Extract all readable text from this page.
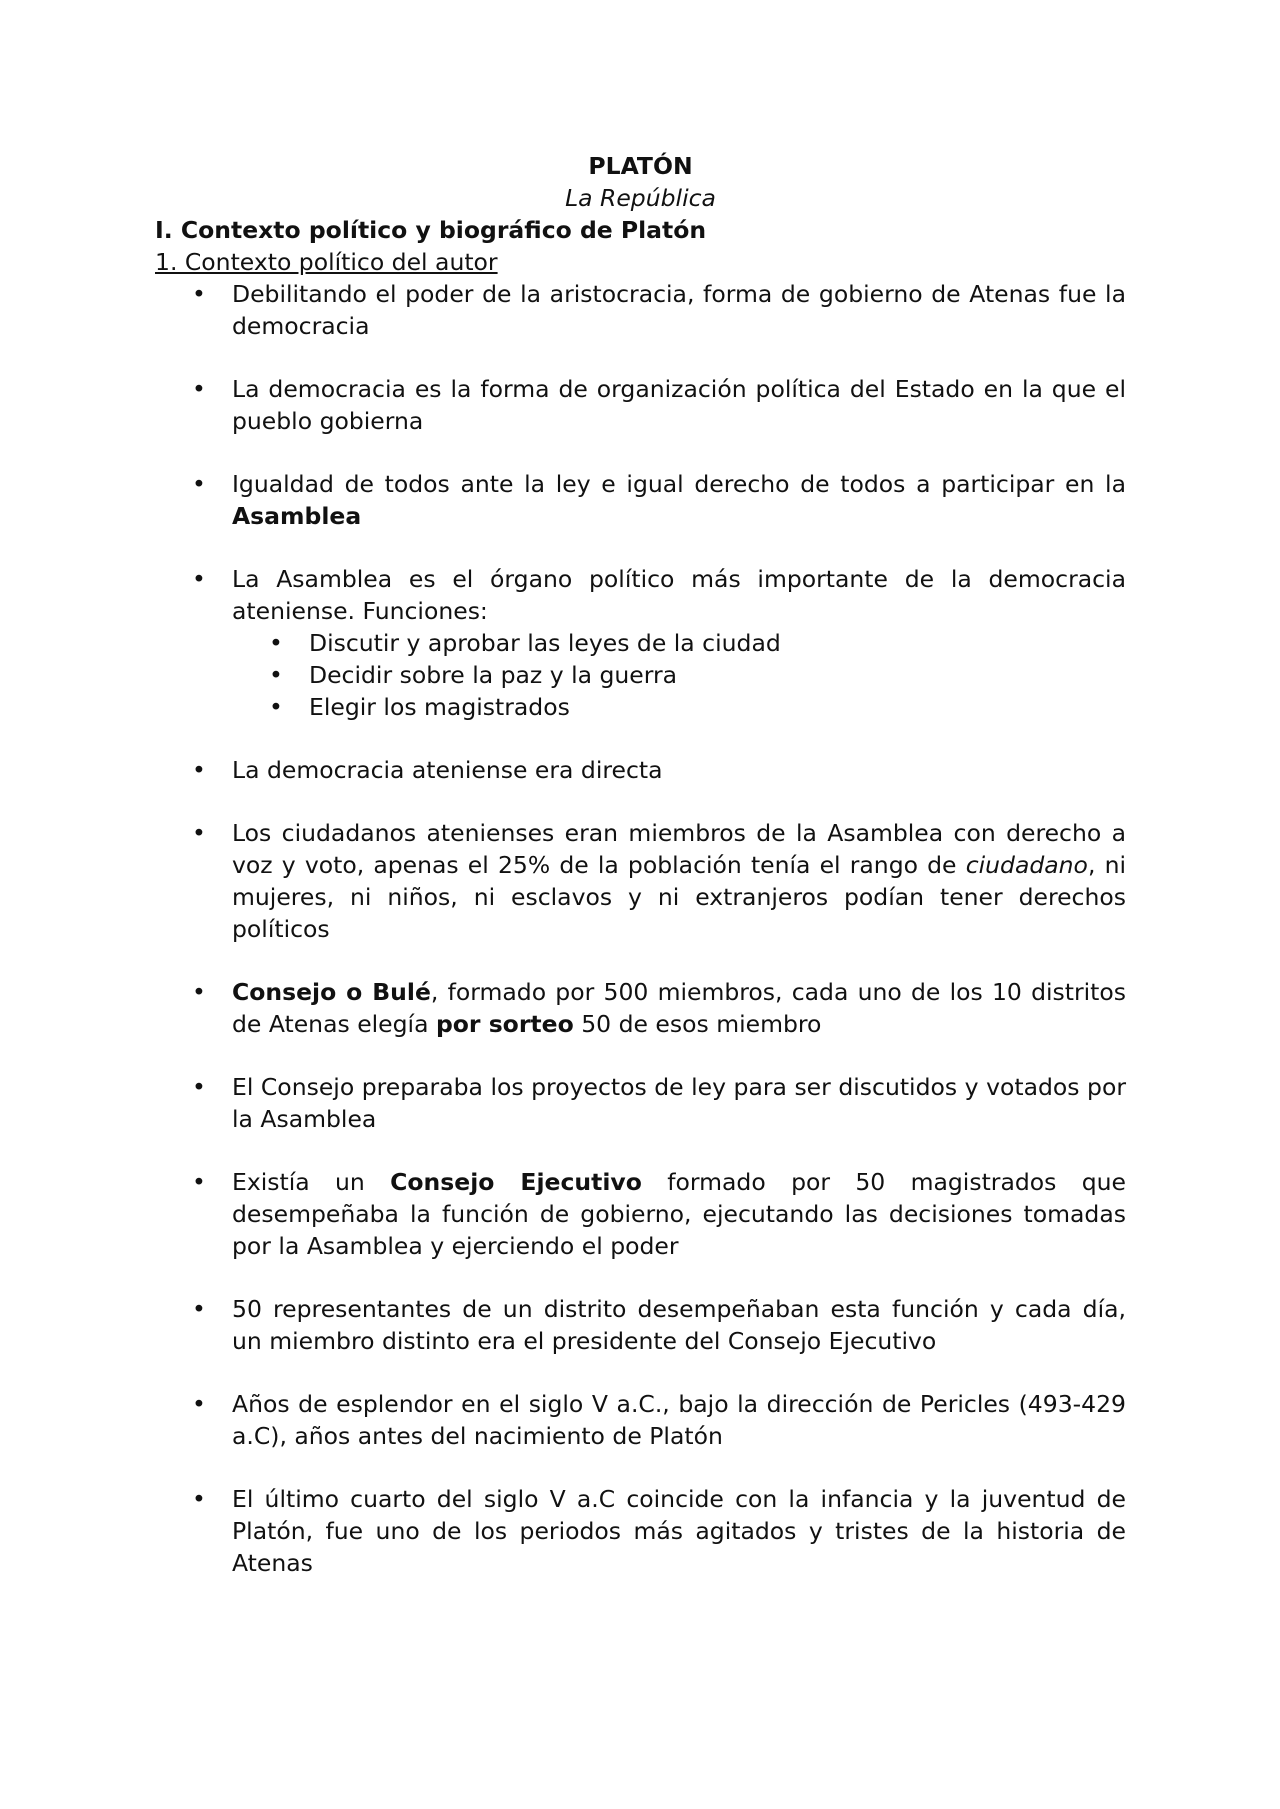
PLATÓN

La República

I. Contexto político y biográfico de Platón

1. Contexto político del autor

• Debilitando el poder de la aristocracia, forma de gobierno de Atenas fue la democracia
• La democracia es la forma de organización política del Estado en la que el pueblo gobierna
• Igualdad de todos ante la ley e igual derecho de todos a participar en la Asamblea
• La Asamblea es el órgano político más importante de la democracia ateniense. Funciones:
• Discutir y aprobar las leyes de la ciudad
• Decidir sobre la paz y la guerra
• Elegir los magistrados
• La democracia ateniense era directa
• Los ciudadanos atenienses eran miembros de la Asamblea con derecho a voz y voto, apenas el 25% de la población tenía el rango de ciudadano, ni mujeres, ni niños, ni esclavos y ni extranjeros podían tener derechos políticos
• Consejo o Bulé, formado por 500 miembros, cada uno de los 10 distritos de Atenas elegía por sorteo 50 de esos miembro
• El Consejo preparaba los proyectos de ley para ser discutidos y votados por la Asamblea
• Existía un Consejo Ejecutivo formado por 50 magistrados que desempeñaba la función de gobierno, ejecutando las decisiones tomadas por la Asamblea y ejerciendo el poder
• 50 representantes de un distrito desempeñaban esta función y cada día, un miembro distinto era el presidente del Consejo Ejecutivo
• Años de esplendor en el siglo V a.C., bajo la dirección de Pericles (493-429 a.C), años antes del nacimiento de Platón
• El último cuarto del siglo V a.C coincide con la infancia y la juventud de Platón, fue uno de los periodos más agitados y tristes de la historia de Atenas
